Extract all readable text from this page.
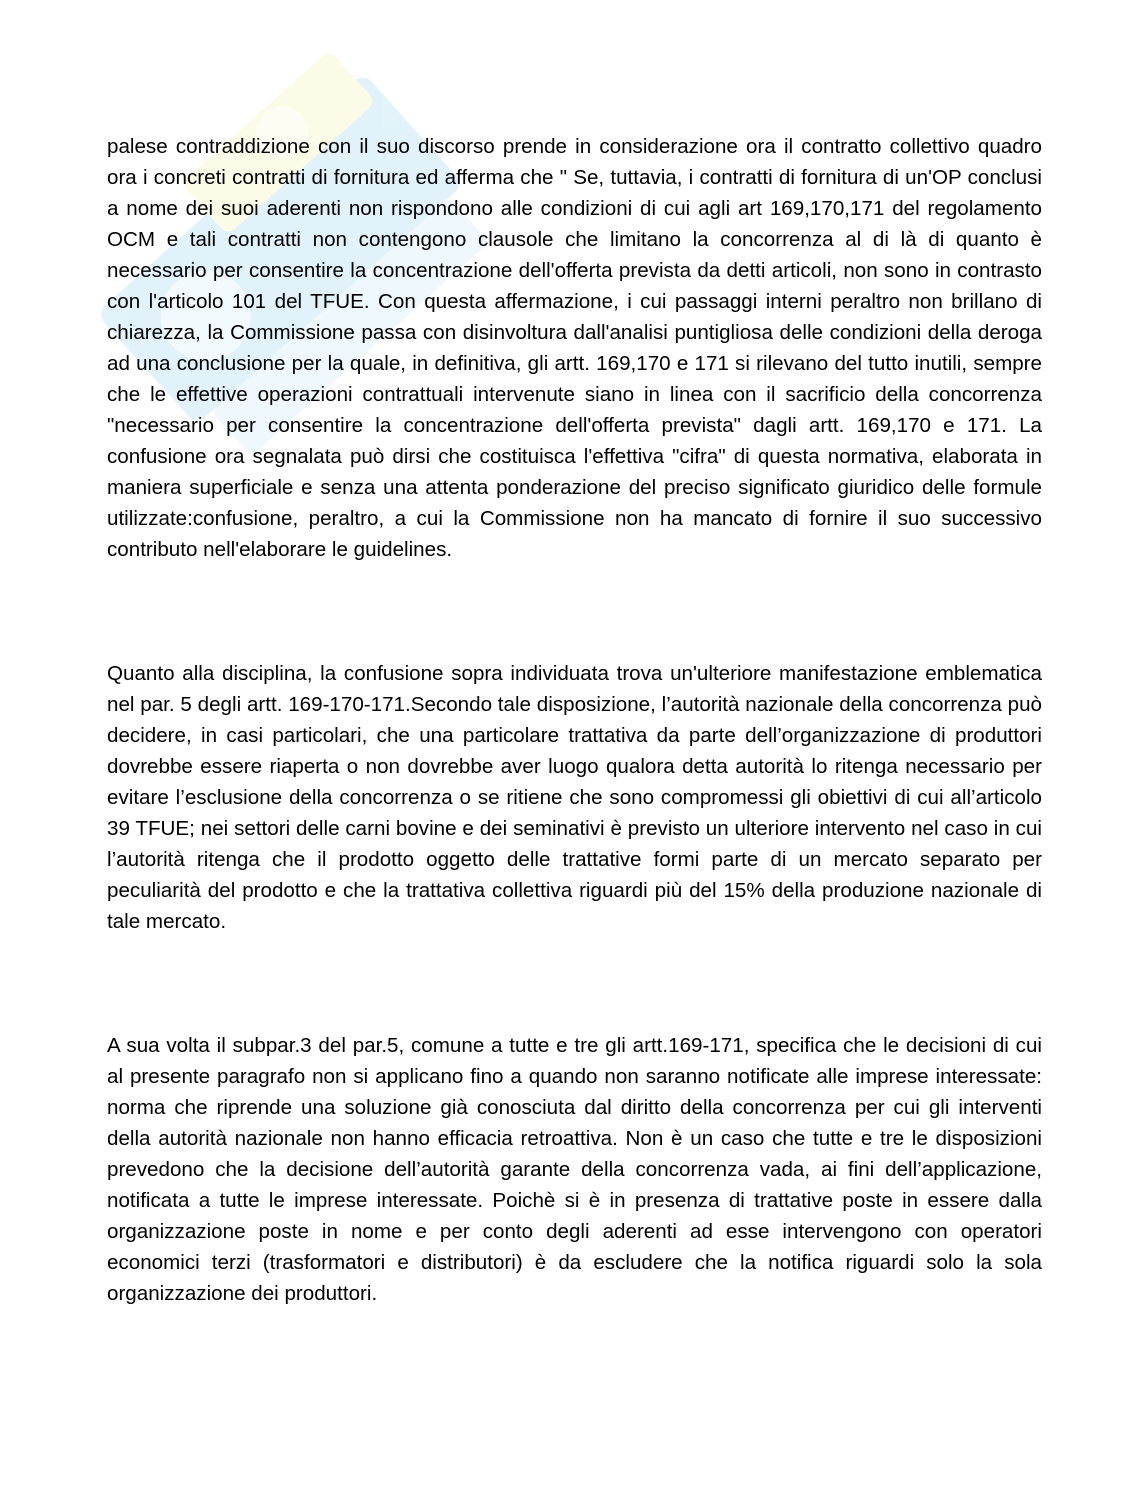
palese contraddizione con il suo discorso prende in considerazione ora il contratto collettivo quadro ora i concreti contratti di fornitura ed afferma che " Se, tuttavia, i contratti di fornitura di un'OP conclusi a nome dei suoi aderenti non rispondono alle condizioni di cui agli art 169,170,171 del regolamento OCM e tali contratti non contengono clausole che limitano la concorrenza al di là di quanto è necessario per consentire la concentrazione dell'offerta prevista da detti articoli, non sono in contrasto con l'articolo 101 del TFUE. Con questa affermazione, i cui passaggi interni peraltro non brillano di chiarezza, la Commissione passa con disinvoltura dall'analisi puntigliosa delle condizioni della deroga ad una conclusione per la quale, in definitiva, gli artt. 169,170 e 171 si rilevano del tutto inutili, sempre che le effettive operazioni contrattuali intervenute siano in linea con il sacrificio della concorrenza "necessario per consentire la concentrazione dell'offerta prevista" dagli artt. 169,170 e 171. La confusione ora segnalata può dirsi che costituisca l'effettiva "cifra" di questa normativa, elaborata in maniera superficiale e senza una attenta ponderazione del preciso significato giuridico delle formule utilizzate:confusione, peraltro, a cui la Commissione non ha mancato di fornire il suo successivo contributo nell'elaborare le guidelines.

Quanto alla disciplina, la confusione sopra individuata trova un'ulteriore manifestazione emblematica nel par. 5 degli artt. 169-170-171.Secondo tale disposizione, l’autorità nazionale della concorrenza può decidere, in casi particolari, che una particolare trattativa da parte dell’organizzazione di produttori dovrebbe essere riaperta o non dovrebbe aver luogo qualora detta autorità lo ritenga necessario per evitare l’esclusione della concorrenza o se ritiene che sono compromessi gli obiettivi di cui all’articolo 39 TFUE; nei settori delle carni bovine e dei seminativi è previsto un ulteriore intervento nel caso in cui l’autorità ritenga che il prodotto oggetto delle trattative formi parte di un mercato separato per peculiarità del prodotto e che la trattativa collettiva riguardi più del 15% della produzione nazionale di tale mercato.

A sua volta il subpar.3 del par.5, comune a tutte e tre gli artt.169-171, specifica che le decisioni di cui al presente paragrafo non si applicano fino a quando non saranno notificate alle imprese interessate: norma che riprende una soluzione già conosciuta dal diritto della concorrenza per cui gli interventi della autorità nazionale non hanno efficacia retroattiva. Non è un caso che tutte e tre le disposizioni prevedono che la decisione dell’autorità garante della concorrenza vada, ai fini dell’applicazione, notificata a tutte le imprese interessate. Poichè si è in presenza di trattative poste in essere dalla organizzazione poste in nome e per conto degli aderenti ad esse intervengono con operatori economici terzi (trasformatori e distributori) è da escludere che la notifica riguardi solo la sola organizzazione dei produttori.
